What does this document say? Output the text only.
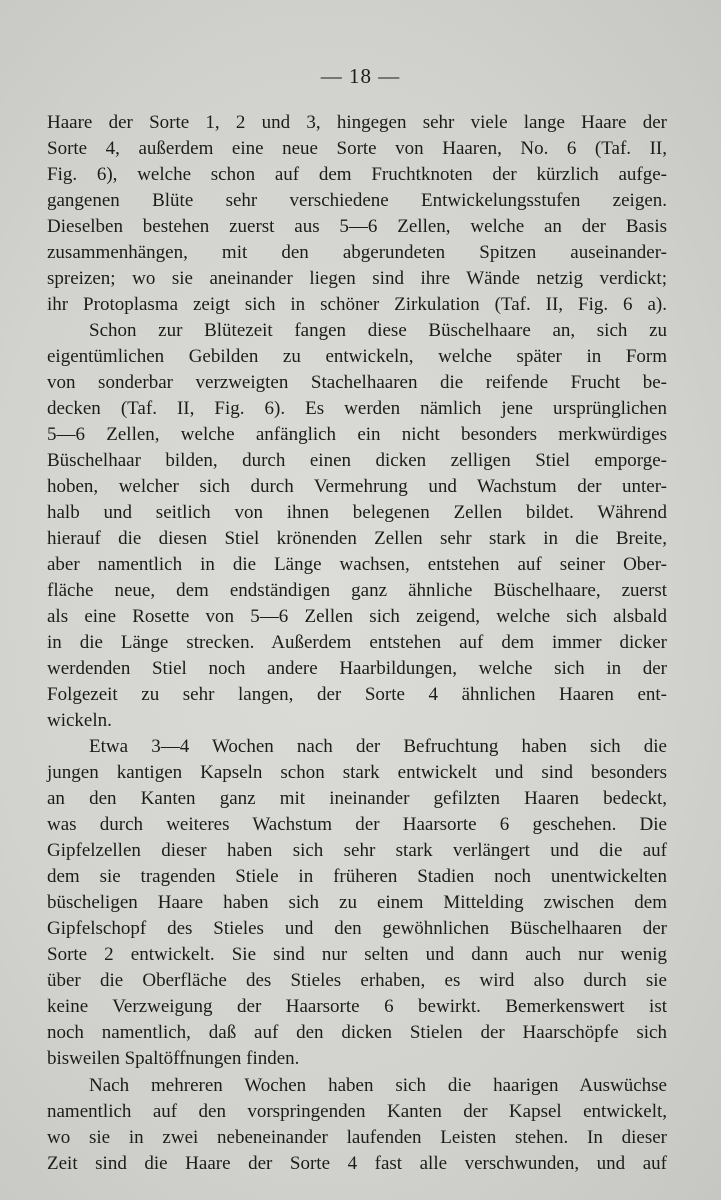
— 18 —
Haare der Sorte 1, 2 und 3, hingegen sehr viele lange Haare der
Sorte 4, außerdem eine neue Sorte von Haaren, No. 6 (Taf. II,
Fig. 6), welche schon auf dem Fruchtknoten der kürzlich aufge-
gangenen Blüte sehr verschiedene Entwickelungsstufen zeigen.
Dieselben bestehen zuerst aus 5—6 Zellen, welche an der Basis
zusammenhängen, mit den abgerundeten Spitzen auseinander-
spreizen; wo sie aneinander liegen sind ihre Wände netzig verdickt;
ihr Protoplasma zeigt sich in schöner Zirkulation (Taf. II, Fig. 6 a).
Schon zur Blütezeit fangen diese Büschelhaare an, sich zu
eigentümlichen Gebilden zu entwickeln, welche später in Form
von sonderbar verzweigten Stachelhaaren die reifende Frucht be-
decken (Taf. II, Fig. 6). Es werden nämlich jene ursprünglichen
5—6 Zellen, welche anfänglich ein nicht besonders merkwürdiges
Büschelhaar bilden, durch einen dicken zelligen Stiel emporge-
hoben, welcher sich durch Vermehrung und Wachstum der unter-
halb und seitlich von ihnen belegenen Zellen bildet. Während
hierauf die diesen Stiel krönenden Zellen sehr stark in die Breite,
aber namentlich in die Länge wachsen, entstehen auf seiner Ober-
fläche neue, dem endständigen ganz ähnliche Büschelhaare, zuerst
als eine Rosette von 5—6 Zellen sich zeigend, welche sich alsbald
in die Länge strecken. Außerdem entstehen auf dem immer dicker
werdenden Stiel noch andere Haarbildungen, welche sich in der
Folgezeit zu sehr langen, der Sorte 4 ähnlichen Haaren ent-
wickeln.
Etwa 3—4 Wochen nach der Befruchtung haben sich die
jungen kantigen Kapseln schon stark entwickelt und sind besonders
an den Kanten ganz mit ineinander gefilzten Haaren bedeckt,
was durch weiteres Wachstum der Haarsorte 6 geschehen. Die
Gipfelzellen dieser haben sich sehr stark verlängert und die auf
dem sie tragenden Stiele in früheren Stadien noch unentwickelten
büscheligen Haare haben sich zu einem Mittelding zwischen dem
Gipfelschopf des Stieles und den gewöhnlichen Büschelhaaren der
Sorte 2 entwickelt. Sie sind nur selten und dann auch nur wenig
über die Oberfläche des Stieles erhaben, es wird also durch sie
keine Verzweigung der Haarsorte 6 bewirkt. Bemerkenswert ist
noch namentlich, daß auf den dicken Stielen der Haarschöpfe sich
bisweilen Spaltöffnungen finden.
Nach mehreren Wochen haben sich die haarigen Auswüchse
namentlich auf den vorspringenden Kanten der Kapsel entwickelt,
wo sie in zwei nebeneinander laufenden Leisten stehen. In dieser
Zeit sind die Haare der Sorte 4 fast alle verschwunden, und auf
